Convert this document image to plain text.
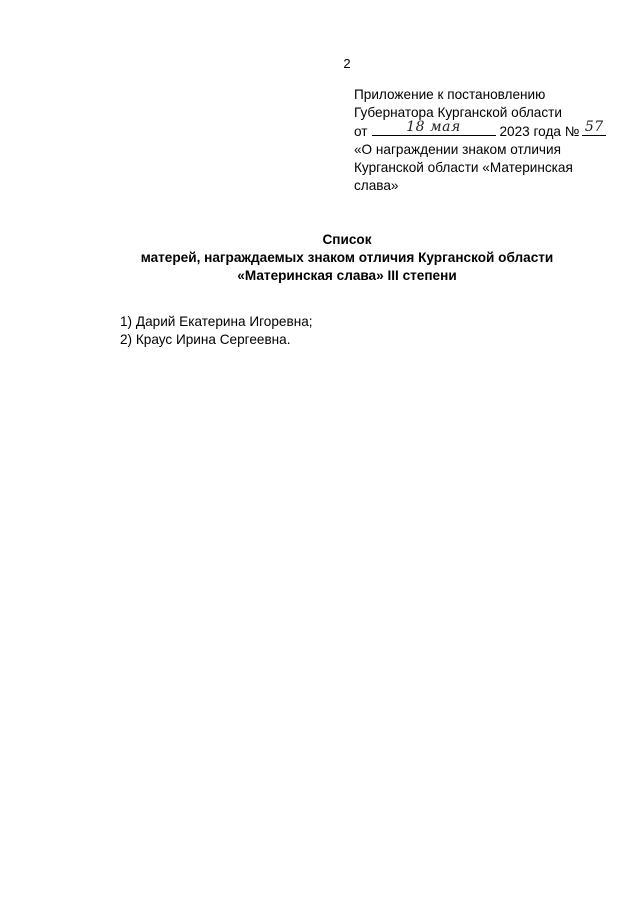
2
Приложение к постановлению
Губернатора Курганской области
от	18 мая	2023 года № 57
«О награждении знаком отличия
Курганской области «Материнская
слава»
Список
матерей, награждаемых знаком отличия Курганской области
«Материнская слава» III степени
1) Дарий Екатерина Игоревна;
2) Краус Ирина Сергеевна.
